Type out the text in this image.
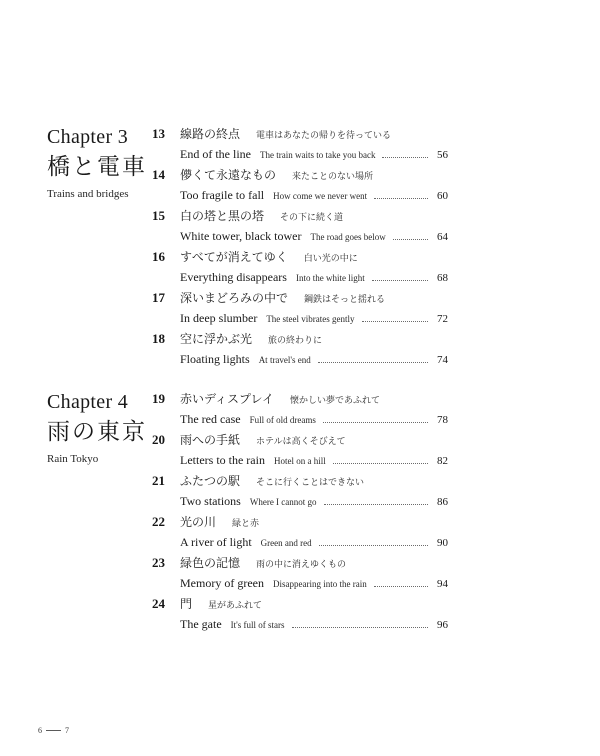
Chapter 3
橋と電車
Trains and bridges
13	線路の終点 電車はあなたの帰りを待っている
End of the line The train waits to take you back	56
14	儚くて永遠なもの 来たことのない場所
Too fragile to fall How come we never went	60
15	白の塔と黒の塔 その下に続く道
White tower, black tower The road goes below	64
16	すべてが消えてゆく 白い光の中に
Everything disappears Into the white light	68
17	深いまどろみの中で 鋼鉄はそっと揺れる
In deep slumber The steel vibrates gently	72
18	空に浮かぶ光 旅の終わりに
Floating lights At travel's end	74
Chapter 4
雨の東京
Rain Tokyo
19	赤いディスプレイ 懐かしい夢であふれて
The red case Full of old dreams	78
20	雨への手紙 ホテルは高くそびえて
Letters to the rain Hotel on a hill	82
21	ふたつの駅 そこに行くことはできない
Two stations Where I cannot go	86
22	光の川 緑と赤
A river of light Green and red	90
23	緑色の記憶 雨の中に消えゆくもの
Memory of green Disappearing into the rain	94
24	門 星があふれて
The gate It's full of stars	96
6	7
